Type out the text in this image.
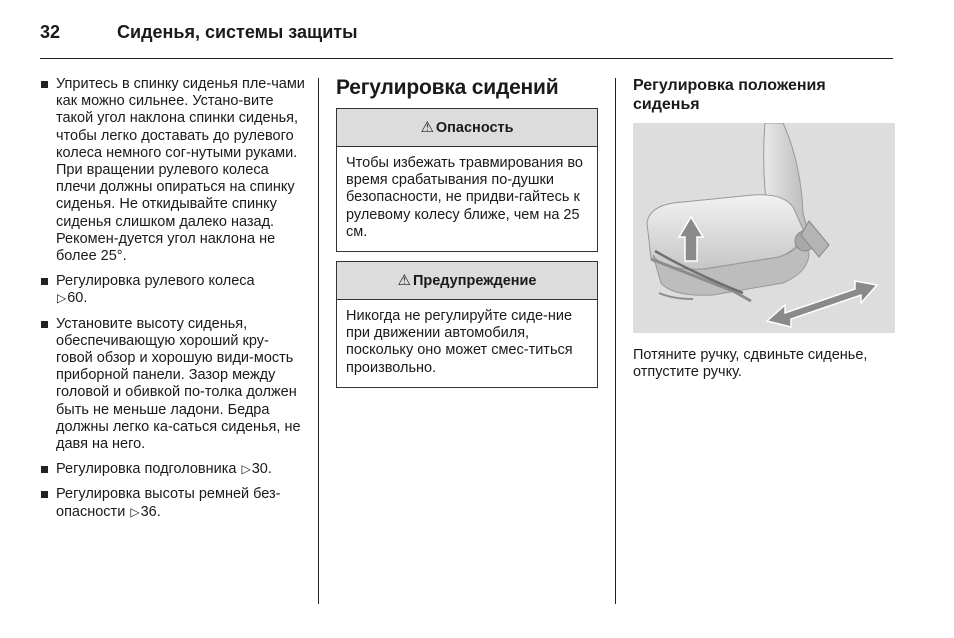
32	Сиденья, системы защиты
Упритесь в спинку сиденья пле-чами как можно сильнее. Устано-вите такой угол наклона спинки сиденья, чтобы легко доставать до рулевого колеса немного сог-нутыми руками. При вращении рулевого колеса плечи должны опираться на спинку сиденья. Не откидывайте спинку сиденья слишком далеко назад. Рекомен-дуется угол наклона не более 25°.
Регулировка рулевого колеса
▷60.
Установите высоту сиденья, обеспечивающую хороший кру-говой обзор и хорошую види-мость приборной панели. Зазор между головой и обивкой по-толка должен быть не меньше ладони. Бедра должны легко ка-саться сиденья, не давя на него.
Регулировка подголовника ▷30.
Регулировка высоты ремней без-опасности ▷36.
Регулировка сидений
⚠ Опасность
Чтобы избежать травмирования во время срабатывания по-душки безопасности, не придви-гайтесь к рулевому колесу ближе, чем на 25 см.
⚠ Предупреждение
Никогда не регулируйте сиде-ние при движении автомобиля, поскольку оно может смес-титься произвольно.
Регулировка положения сиденья
Потяните ручку, сдвиньте сиденье, отпустите ручку.
